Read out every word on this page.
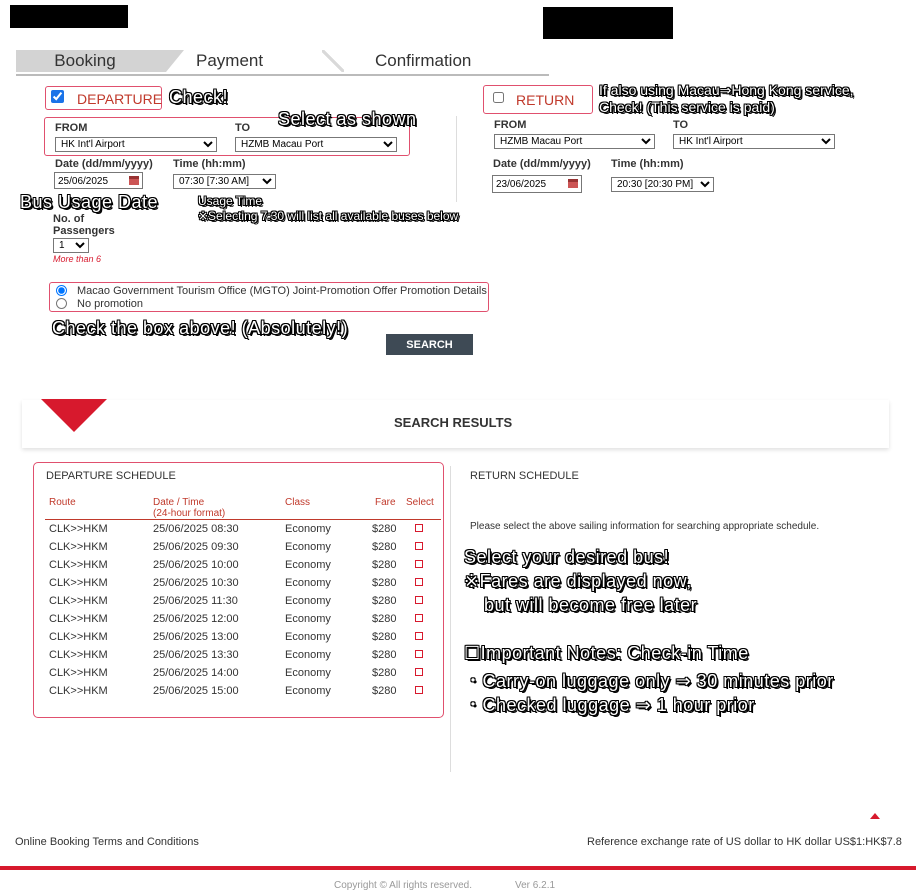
Booking	Payment	Confirmation
DEPARTURE Check!
FROM	TO
HK Int'l Airport
HZMB Macau Port Select as shown
Date (dd/mm/yyyy) Time (hh:mm)
25/06/2025
07:30 [7:30 AM]
Bus Usage Date	Usage Time
※Selecting 7:30 will list all available buses below
No. of
Passengers
1
More than 6
RETURN
If also using Macau⇒Hong Kong service,
Check! (This service is paid)
FROM	TO
HZMB Macau Port
HK Int'l Airport
Date (dd/mm/yyyy) Time (hh:mm)
23/06/2025
20:30 [20:30 PM]
Macao Government Tourism Office (MGTO) Joint-Promotion Offer Promotion Details
No promotion
Check the box above! (Absolutely!)
SEARCH
SEARCH RESULTS
DEPARTURE SCHEDULE
Route	Date / Time
(24-hour format)
Class	Fare Select
CLK>>HKM	25/06/2025 08:30	Economy	$280
CLK>>HKM	25/06/2025 09:30	Economy	$280
CLK>>HKM	25/06/2025 10:00	Economy	$280
CLK>>HKM	25/06/2025 10:30	Economy	$280
CLK>>HKM	25/06/2025 11:30	Economy	$280
CLK>>HKM	25/06/2025 12:00	Economy	$280
CLK>>HKM	25/06/2025 13:00	Economy	$280
CLK>>HKM	25/06/2025 13:30	Economy	$280
CLK>>HKM	25/06/2025 14:00	Economy	$280
CLK>>HKM	25/06/2025 15:00	Economy	$280
RETURN SCHEDULE
Please select the above sailing information for searching appropriate schedule.
Select your desired bus!
※Fares are displayed now,
but will become free later
☐Important Notes: Check-in Time
・Carry-on luggage only ⇒ 30 minutes prior
・Checked luggage ⇒ 1 hour prior
Online Booking Terms and Conditions	Reference exchange rate of US dollar to HK dollar US$1:HK$7.8
Copyright © All rights reserved.	Ver 6.2.1
